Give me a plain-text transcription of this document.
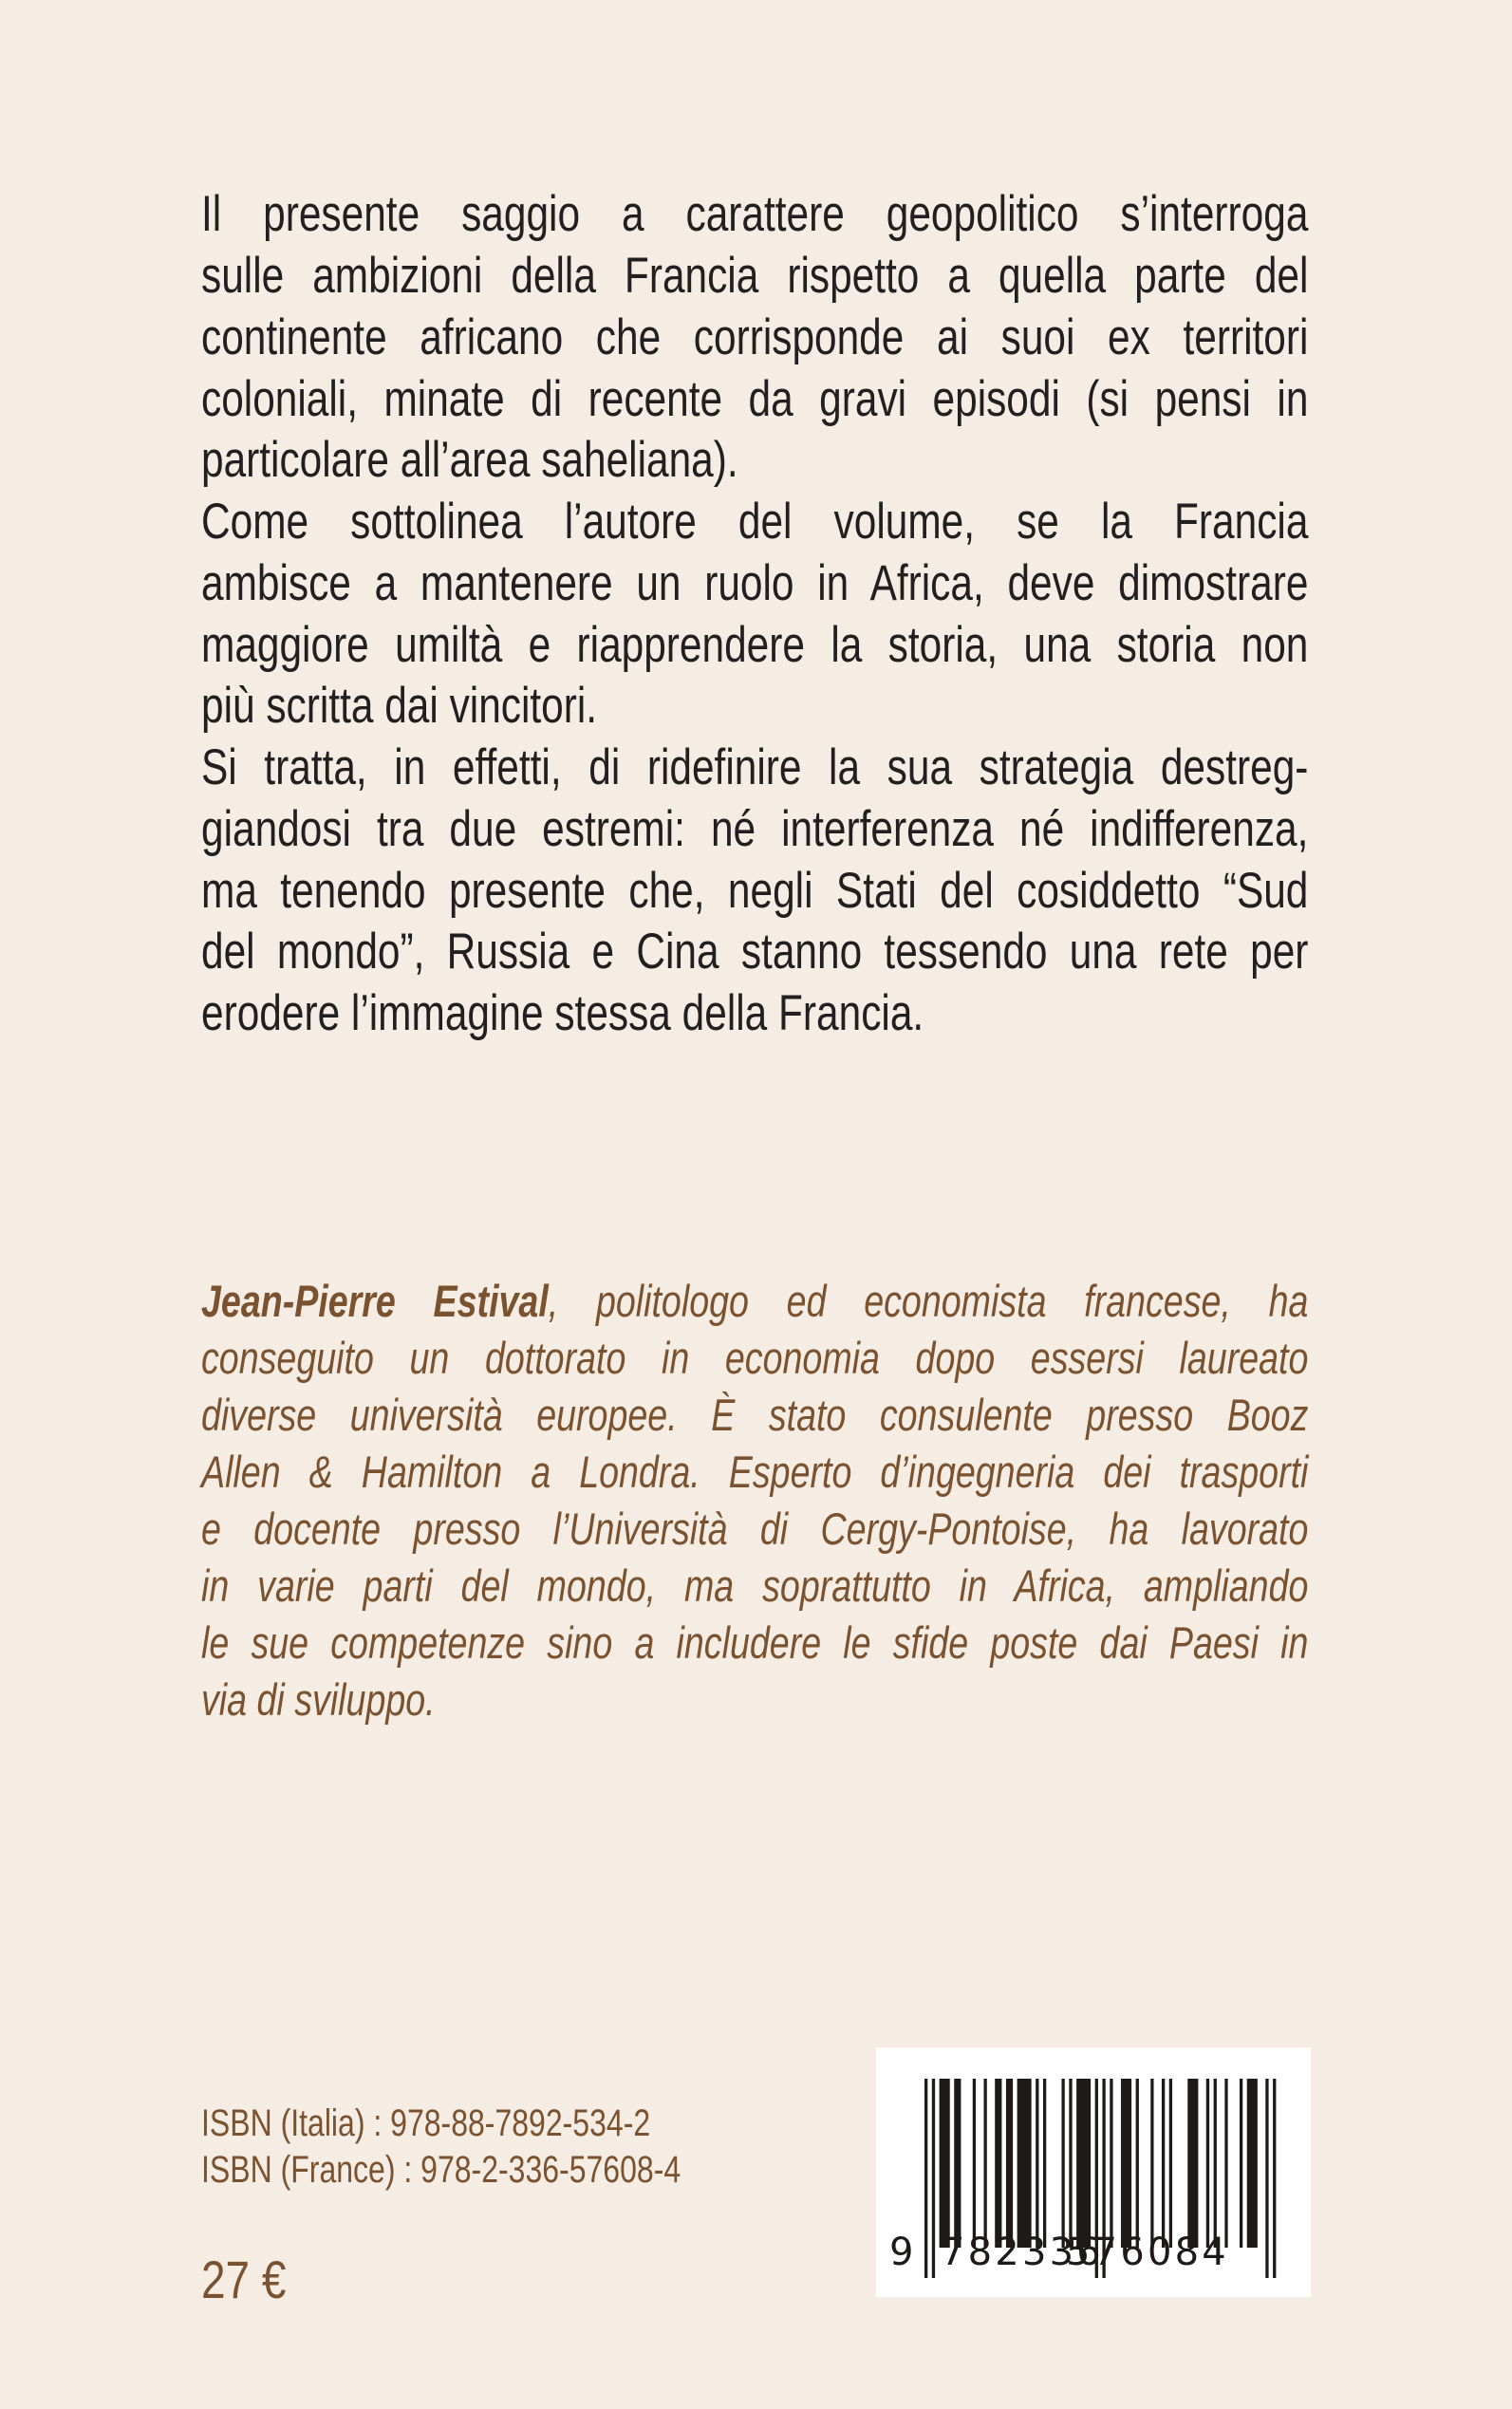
Il presente saggio a carattere geopolitico s’interroga
sulle ambizioni della Francia rispetto a quella parte del
continente africano che corrisponde ai suoi ex territori
coloniali, minate di recente da gravi episodi (si pensi in
particolare all’area saheliana).
Come sottolinea l’autore del volume, se la Francia
ambisce a mantenere un ruolo in Africa, deve dimostrare
maggiore umiltà e riapprendere la storia, una storia non
più scritta dai vincitori.
Si tratta, in effetti, di ridefinire la sua strategia destreg-
giandosi tra due estremi: né interferenza né indifferenza,
ma tenendo presente che, negli Stati del cosiddetto “Sud
del mondo”, Russia e Cina stanno tessendo una rete per
erodere l’immagine stessa della Francia.
Jean-Pierre Estival, politologo ed economista francese, ha
conseguito un dottorato in economia dopo essersi laureato
diverse università europee. È stato consulente presso Booz
Allen & Hamilton a Londra. Esperto d’ingegneria dei trasporti
e docente presso l’Università di Cergy-Pontoise, ha lavorato
in varie parti del mondo, ma soprattutto in Africa, ampliando
le sue competenze sino a includere le sfide poste dai Paesi in
via di sviluppo.
ISBN (Italia) : 978-88-7892-534-2
ISBN (France) : 978-2-336-57608-4
27 €	9 782336
576084
